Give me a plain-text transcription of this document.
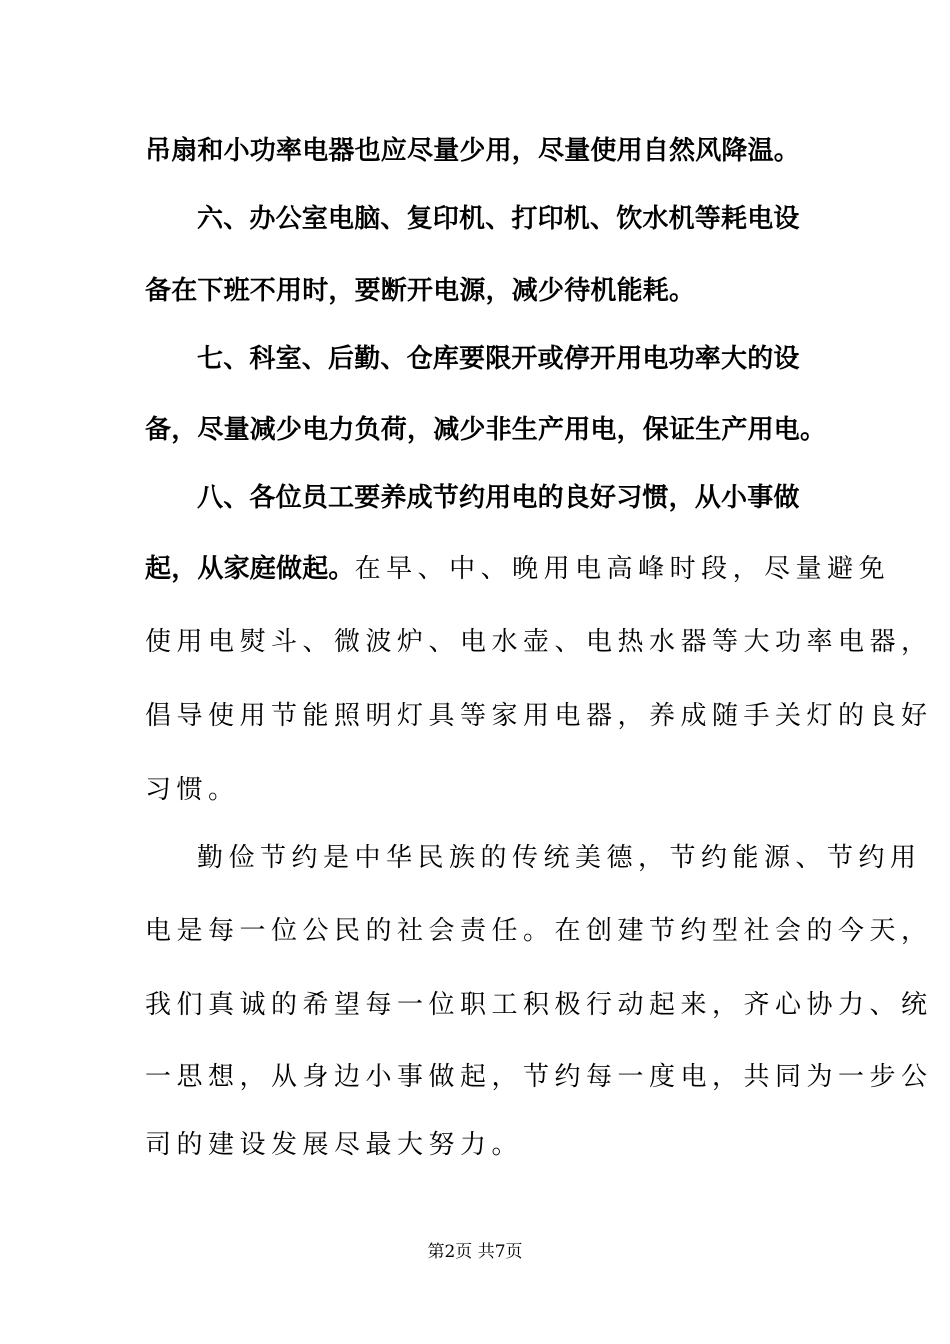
吊扇和小功率电器也应尽量少用，尽量使用自然风降温。
六、办公室电脑、复印机、打印机、饮水机等耗电设
备在下班不用时，要断开电源，减少待机能耗。
七、科室、后勤、仓库要限开或停开用电功率大的设
备，尽量减少电力负荷，减少非生产用电，保证生产用电。
八、各位员工要养成节约用电的良好习惯，从小事做
起，从家庭做起。在早、中、晚用电高峰时段，尽量避免
使用电熨斗、微波炉、电水壶、电热水器等大功率电器，
倡导使用节能照明灯具等家用电器，养成随手关灯的良好
习惯。
勤俭节约是中华民族的传统美德，节约能源、节约用
电是每一位公民的社会责任。在创建节约型社会的今天，
我们真诚的希望每一位职工积极行动起来，齐心协力、统
一思想，从身边小事做起，节约每一度电，共同为一步公
司的建设发展尽最大努力。
第2页 共7页
